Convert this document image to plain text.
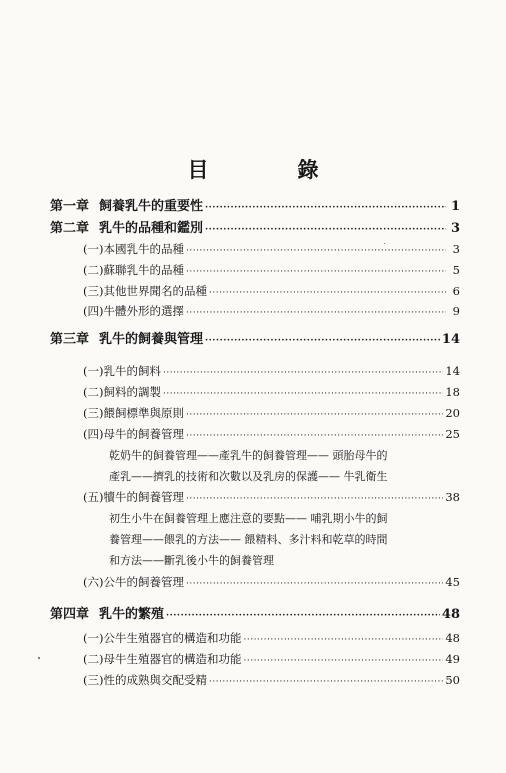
目　錄
第一章 飼養乳牛的重要性 ·····	1
第二章 乳牛的品種和鑑別 ·····	3
(一)本國乳牛的品種 ·····	3
(二)蘇聯乳牛的品種 ·····	5
(三)其他世界聞名的品種 ·····	6
(四)牛體外形的選擇 ·····	9
第三章 乳牛的飼養與管理 ·····	14
(一)乳牛的飼料 ·····	14
(二)飼料的調製 ·····	18
(三)餵飼標準與原則 ·····	20
(四)母牛的飼養管理 ·····	25
乾奶牛的飼養管理——產乳牛的飼養管理—— 頭胎母牛的
產乳——擠乳的技術和次數以及乳房的保護—— 牛乳衛生
(五)犢牛的飼養管理 ·····	38
初生小牛在飼養管理上應注意的要點—— 哺乳期小牛的飼
養管理——餵乳的方法—— 餵精料、多汁料和乾草的時間
和方法——斷乳後小牛的飼養管理
(六)公牛的飼養管理 ·····	45
第四章 乳牛的繁殖 ·····	48
(一)公牛生殖器官的構造和功能 ·····	48
(二)母牛生殖器官的構造和功能 ·····	49
(三)性的成熟與交配受精 ·····	50
